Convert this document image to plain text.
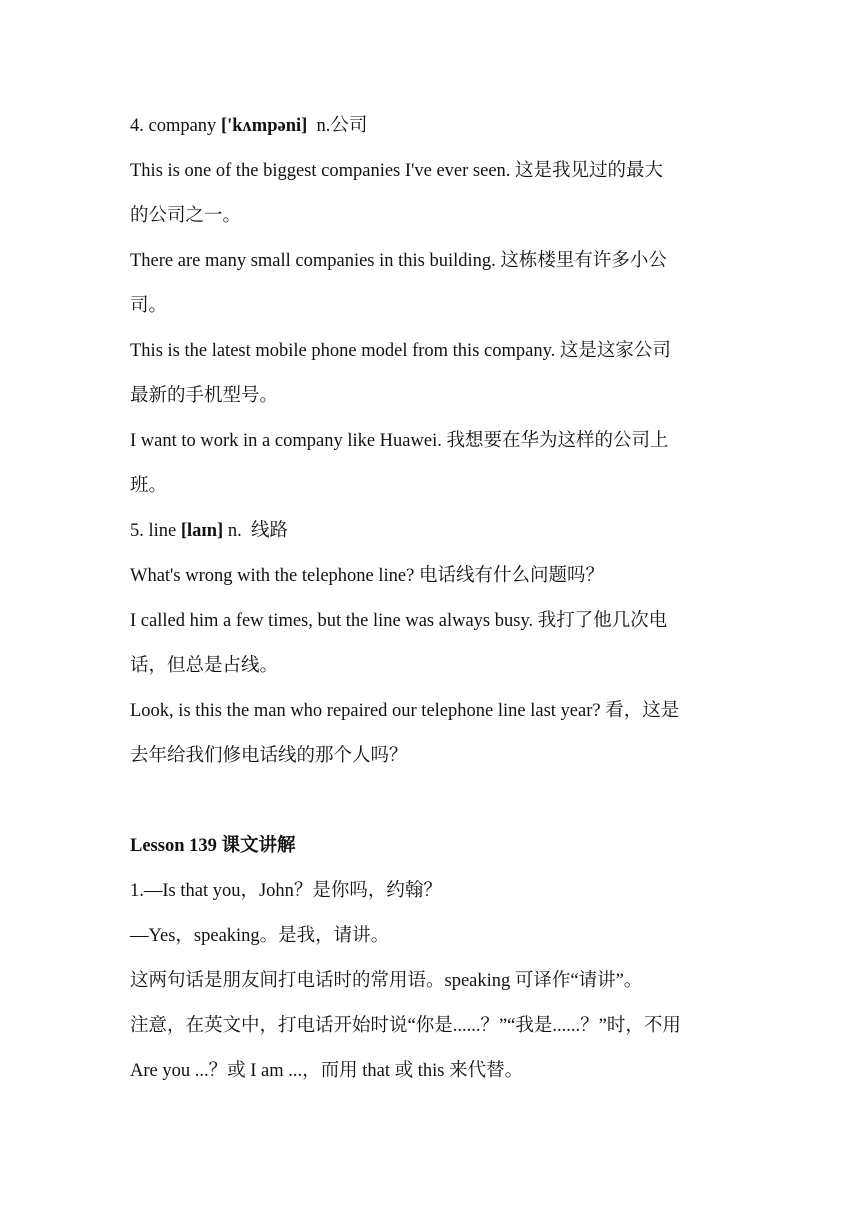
4. company ['kʌmpəni]  n.公司
This is one of the biggest companies I've ever seen. 这是我见过的最大
的公司之一。
There are many small companies in this building. 这栋楼里有许多小公
司。
This is the latest mobile phone model from this company. 这是这家公司
最新的手机型号。
I want to work in a company like Huawei. 我想要在华为这样的公司上
班。
5. line [laɪn] n.  线路
What's wrong with the telephone line? 电话线有什么问题吗？
I called him a few times, but the line was always busy. 我打了他几次电
话，但总是占线。
Look, is this the man who repaired our telephone line last year? 看，这是
去年给我们修电话线的那个人吗？
Lesson 139 课文讲解
1.—Is that you，John？是你吗，约翰？
—Yes，speaking。是我，请讲。
这两句话是朋友间打电话时的常用语。speaking 可译作“请讲”。
注意，在英文中，打电话开始时说“你是......？”“我是......？”时，不用
Are you ...？或 I am ...，而用 that 或 this 来代替。
